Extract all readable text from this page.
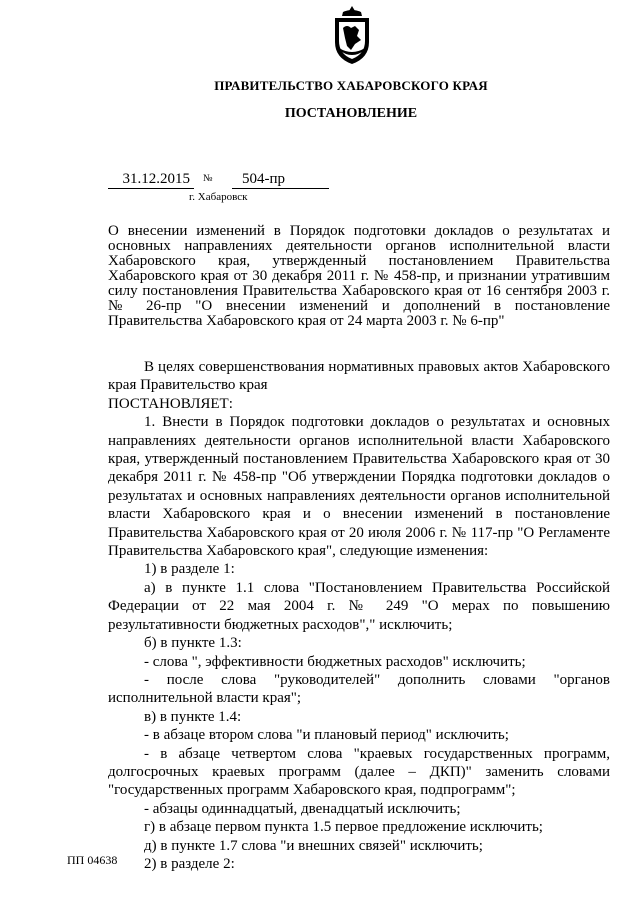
ПРАВИТЕЛЬСТВО ХАБАРОВСКОГО КРАЯ
ПОСТАНОВЛЕНИЕ
31.12.2015	№	504-пр
г. Хабаровск

О внесении изменений в Порядок подготовки докладов о результатах и основных направлениях деятельности органов исполнительной власти Хабаровского края, утвержденный постановлением Правительства Хабаровского края от 30 декабря 2011 г. № 458-пр, и признании утратившим силу постановления Правительства Хабаровского края от 16 сентября 2003 г. № 26-пр "О внесении изменений и дополнений в постановление Правительства Хабаровского края от 24 марта 2003 г. № 6-пр"

В целях совершенствования нормативных правовых актов Хабаровского края Правительство края

ПОСТАНОВЛЯЕТ:

1. Внести в Порядок подготовки докладов о результатах и основных направлениях деятельности органов исполнительной власти Хабаровского края, утвержденный постановлением Правительства Хабаровского края от 30 декабря 2011 г. № 458-пр "Об утверждении Порядка подготовки докладов о результатах и основных направлениях деятельности органов исполнительной власти Хабаровского края и о внесении изменений в постановление Правительства Хабаровского края от 20 июля 2006 г. № 117-пр "О Регламенте Правительства Хабаровского края", следующие изменения:

1) в разделе 1:

а) в пункте 1.1 слова "Постановлением Правительства Российской Федерации от 22 мая 2004 г. № 249 "О мерах по повышению результативности бюджетных расходов"," исключить;

б) в пункте 1.3:

- слова ", эффективности бюджетных расходов" исключить;

- после слова "руководителей" дополнить словами "органов исполнительной власти края";

в) в пункте 1.4:

- в абзаце втором слова "и плановый период" исключить;

- в абзаце четвертом слова "краевых государственных программ, долгосрочных краевых программ (далее – ДКП)" заменить словами "государственных программ Хабаровского края, подпрограмм";

- абзацы одиннадцатый, двенадцатый исключить;

г) в абзаце первом пункта 1.5 первое предложение исключить;

д) в пункте 1.7 слова "и внешних связей" исключить;

2) в разделе 2:

ПП 04638
